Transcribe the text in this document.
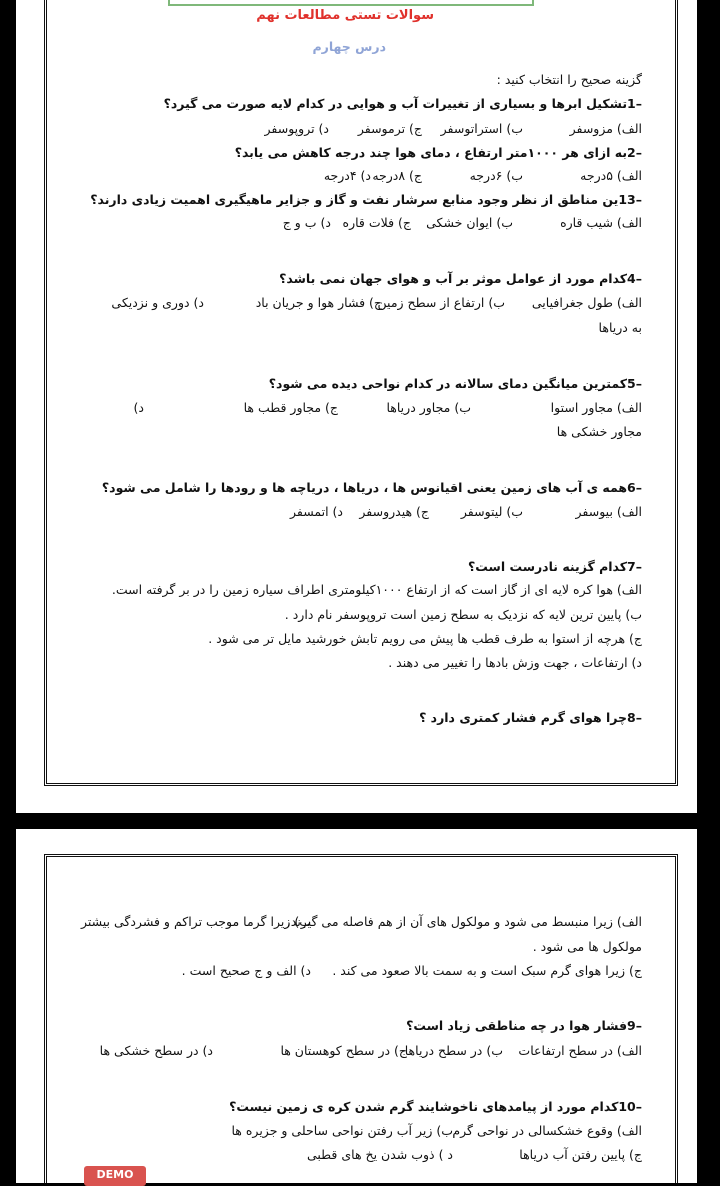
سوالات تستی مطالعات نهم
درس چهارم
گزینه صحیح را انتخاب کنید :
–1تشکیل ابرها و بسیاری از تغییرات آب و هوایی در کدام لایه صورت می گیرد؟
الف) مزوسفر
ب) استراتوسفر
ج) ترموسفر
د) تروپوسفر
–2به ازای هر ۱۰۰۰متر ارتفاع ، دمای هوا چند درجه کاهش می یابد؟
الف) ۵درجه
ب) ۶درجه
ج) ۸درجه
د) ۴درجه
–13ین مناطق از نظر وجود منابع سرشار نفت و گاز و جزایر ماهیگیری اهمیت زیادی دارند؟
الف) شیب قاره
ب) ایوان خشکی
ج) فلات قاره
د) ب و ج
–4کدام مورد از عوامل موثر بر آب و هوای جهان نمی باشد؟
الف) طول جغرافیایی
ب) ارتفاع از سطح زمین
ج) فشار هوا و جریان باد
د) دوری و نزدیکی
به دریاها
–5کمترین میانگین دمای سالانه در کدام نواحی دیده می شود؟
الف) مجاور استوا
ب) مجاور دریاها
ج) مجاور قطب ها
د)
مجاور خشکی ها
–6همه ی آب های زمین یعنی اقیانوس ها ، دریاها ، دریاچه ها و رودها را شامل می شود؟
الف) بیوسفر
ب) لیتوسفر
ج) هیدروسفر
د) اتمسفر
–7کدام گزینه نادرست است؟
الف) هوا کره لایه ای از گاز است که از ارتفاع ۱۰۰۰کیلومتری اطراف سیاره زمین را در بر گرفته است.
ب) پایین ترین لایه که نزدیک به سطح زمین است تروپوسفر نام دارد .
ج) هرچه از استوا به طرف قطب ها پیش می رویم تابش خورشید مایل تر می شود .
د) ارتفاعات ، جهت وزش بادها را تغییر می دهند .
–8چرا هوای گرم فشار کمتری دارد ؟
الف) زیرا منبسط می شود و مولکول های آن از هم فاصله می گیرند.
ب) زیرا گرما موجب تراکم و فشردگی بیشتر
مولکول ها می شود .
ج) زیرا هوای گرم سبک است و به سمت بالا صعود می کند .
د) الف و ج صحیح است .
–9فشار هوا در چه مناطقی زیاد است؟
الف) در سطح ارتفاعات
ب) در سطح دریاها
ج) در سطح کوهستان ها
د) در سطح خشکی ها
–10کدام مورد از پیامدهای ناخوشایند گرم شدن کره ی زمین نیست؟
الف) وقوع خشکسالی در نواحی گرم
ب) زیر آب رفتن نواحی ساحلی و جزیره ها
ج) پایین رفتن آب دریاها
د ) ذوب شدن یخ های قطبی
DEMO
